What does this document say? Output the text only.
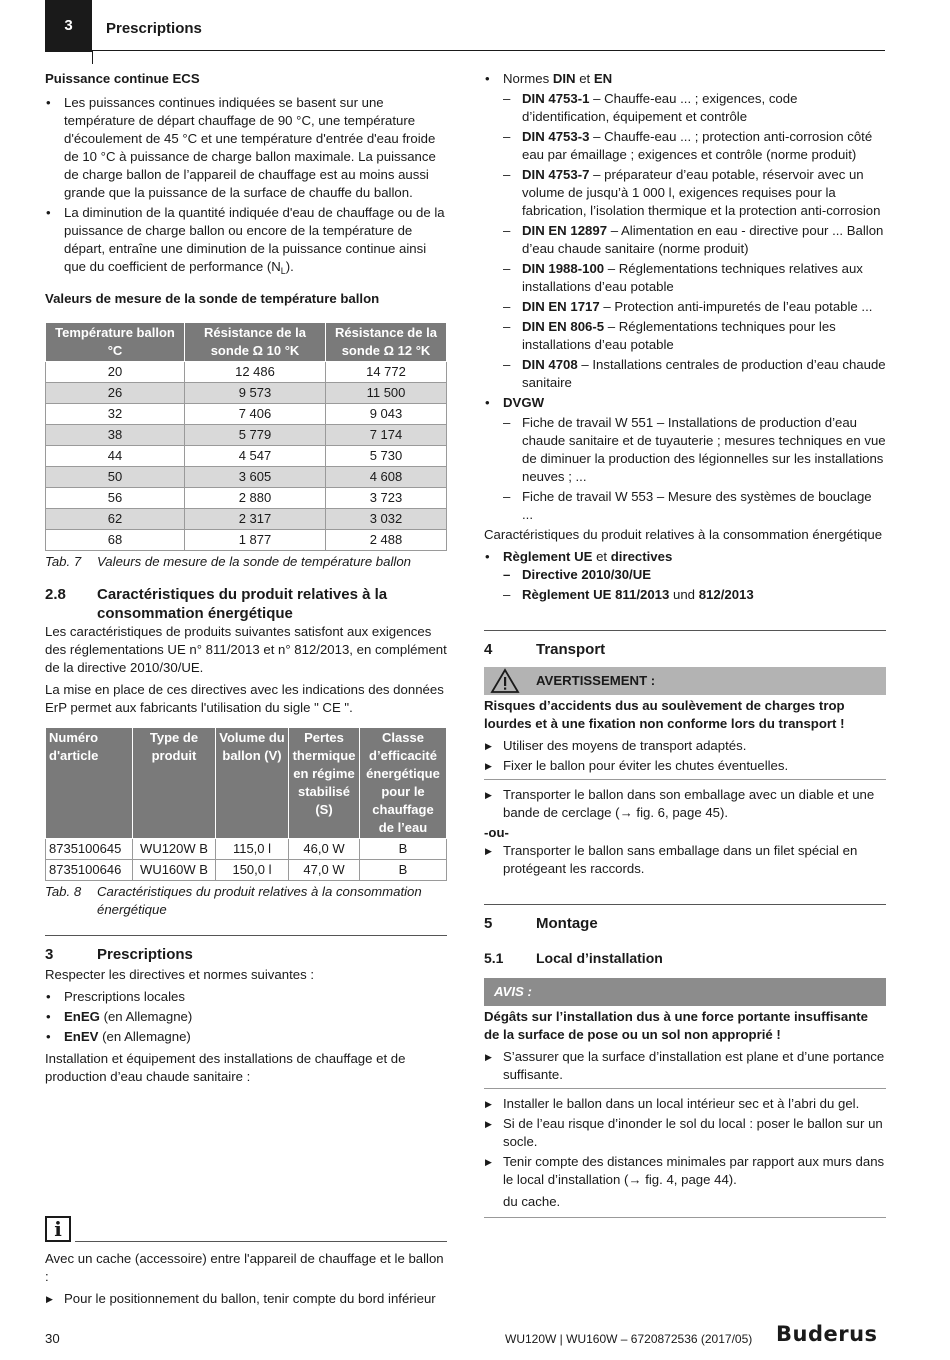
3 Prescriptions
Puissance continue ECS
• Les puissances continues indiquées se basent sur une température de départ chauffage de 90 °C, une température d'écoulement de 45 °C et une température d'entrée d'eau froide de 10 °C à puissance de charge ballon maximale. La puissance de charge ballon de l’appareil de chauffage est au moins aussi grande que la puissance de la surface de chauffe du ballon.
• La diminution de la quantité indiquée d'eau de chauffage ou de la puissance de charge ballon ou encore de la température de départ, entraîne une diminution de la puissance continue ainsi que du coefficient de performance $(N_L)$.
Valeurs de mesure de la sonde de température ballon
Température ballon °C	Résistance de la sonde Ω 10 °K	Résistance de la sonde Ω 12 °K
20	12 486	14 772
26	9 573	11 500
32	7 406	9 043
38	5 779	7 174
44	4 547	5 730
50	3 605	4 608
56	2 880	3 723
62	2 317	3 032
68	1 877	2 488
Tab. 7	Valeurs de mesure de la sonde de température ballon
2.8	Caractéristiques du produit relatives à la consommation énergétique

Les caractéristiques de produits suivantes satisfont aux exigences des réglementations UE n° 811/2013 et n° 812/2013, en complément de la directive 2010/30/UE.

La mise en place de ces directives avec les indications des données ErP permet aux fabricants l'utilisation du sigle " CE ".

Numéro d'article	Type de produit	Volume du ballon (V)	Pertes thermique en régime stabilisé (S)	Classe d’efficacité énergétique pour le chauffage de l’eau
8735100645	WU120W B	115,0 l	46,0 W	B
8735100646	WU160W B	150,0 l	47,0 W	B
Tab. 8	Caractéristiques du produit relatives à la consommation énergétique
3	Prescriptions

Respecter les directives et normes suivantes :

• Prescriptions locales
• EnEG (en Allemagne)
• EnEV (en Allemagne)

Installation et équipement des installations de chauffage et de production d’eau chaude sanitaire :

i

Avec un cache (accessoire) entre l'appareil de chauffage et le ballon :

▶ Pour le positionnement du ballon, tenir compte du bord inférieur
• Normes DIN et EN
– DIN 4753-1 – Chauffe-eau ... ; exigences, code d’identification, équipement et contrôle
– DIN 4753-3 – Chauffe-eau ... ; protection anti-corrosion côté eau par émaillage ; exigences et contrôle (norme produit)
– DIN 4753-7 – préparateur d’eau potable, réservoir avec un volume de jusqu’à 1 000 l, exigences requises pour la fabrication, l’isolation thermique et la protection anti-corrosion
– DIN EN 12897 – Alimentation en eau - directive pour ... Ballon d’eau chaude sanitaire (norme produit)
– DIN 1988-100 – Réglementations techniques relatives aux installations d’eau potable
– DIN EN 1717 – Protection anti-impuretés de l’eau potable ...
– DIN EN 806-5 – Réglementations techniques pour les installations d’eau potable
– DIN 4708 – Installations centrales de production d’eau chaude sanitaire
• DVGW
– Fiche de travail W 551 – Installations de production d’eau chaude sanitaire et de tuyauterie ; mesures techniques en vue de diminuer la production des légionnelles sur les installations neuves ; ...
– Fiche de travail W 553 – Mesure des systèmes de bouclage ...

Caractéristiques du produit relatives à la consommation énergétique

• Règlement UE et directives
– Directive 2010/30/UE
– Règlement UE 811/2013 und 812/2013
4	Transport
AVERTISSEMENT :

Risques d’accidents dus au soulèvement de charges trop lourdes et à une fixation non conforme lors du transport !

▶ Utiliser des moyens de transport adaptés.
▶ Fixer le ballon pour éviter les chutes éventuelles.
▶ Transporter le ballon dans son emballage avec un diable et une bande de cerclage (→ fig. 6, page 45).

-ou-

▶ Transporter le ballon sans emballage dans un filet spécial en protégeant les raccords.
5	Montage
5.1	Local d’installation
AVIS :

Dégâts sur l’installation dus à une force portante insuffisante de la surface de pose ou un sol non approprié !

▶ S’assurer que la surface d’installation est plane et d’une portance suffisante.
▶ Installer le ballon dans un local intérieur sec et à l’abri du gel.
▶ Si de l’eau risque d’inonder le sol du local : poser le ballon sur un socle.
▶ Tenir compte des distances minimales par rapport aux murs dans le local d’installation (→ fig. 4, page 44).

du cache.

30	WU120W | WU160W – 6720872536 (2017/05) Buderus
